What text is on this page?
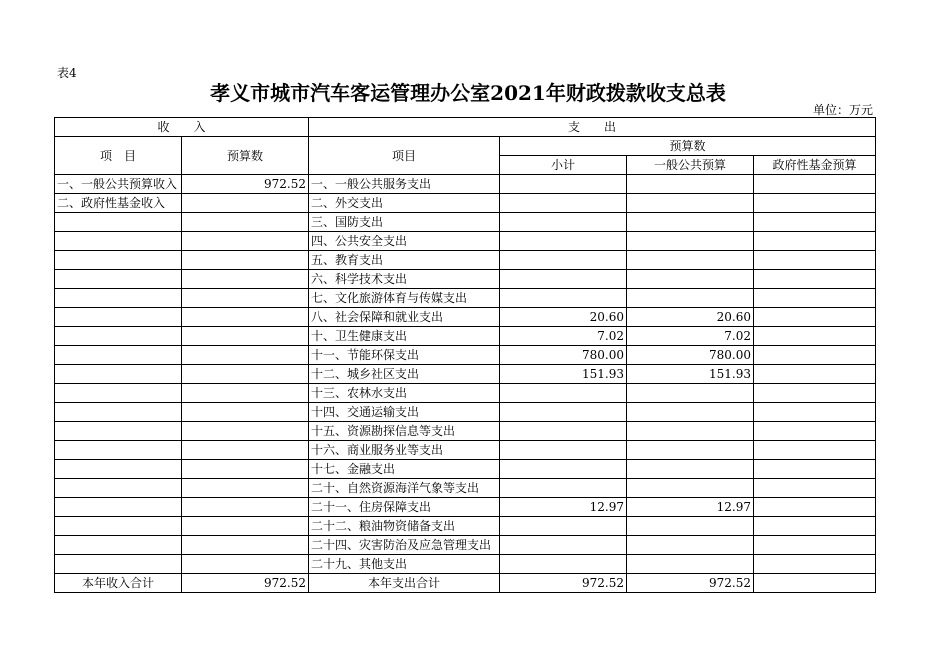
表4
孝义市城市汽车客运管理办公室2021年财政拨款收支总表
单位：万元
收　　入		支　　出			
项　目	预算数	项目	预算数		
			小计	一般公共预算	政府性基金预算
一、一般公共预算收入	972.52	一、一般公共服务支出			
二、政府性基金收入		二、外交支出			
		三、国防支出			
		四、公共安全支出			
		五、教育支出			
		六、科学技术支出			
		七、文化旅游体育与传媒支出			
		八、社会保障和就业支出	20.60	20.60	
		十、卫生健康支出	7.02	7.02	
		十一、节能环保支出	780.00	780.00	
		十二、城乡社区支出	151.93	151.93	
		十三、农林水支出			
		十四、交通运输支出			
		十五、资源勘探信息等支出			
		十六、商业服务业等支出			
		十七、金融支出			
		二十、自然资源海洋气象等支出			
		二十一、住房保障支出	12.97	12.97	
		二十二、粮油物资储备支出			
		二十四、灾害防治及应急管理支出			
		二十九、其他支出			
本年收入合计	972.52	本年支出合计	972.52	972.52	
